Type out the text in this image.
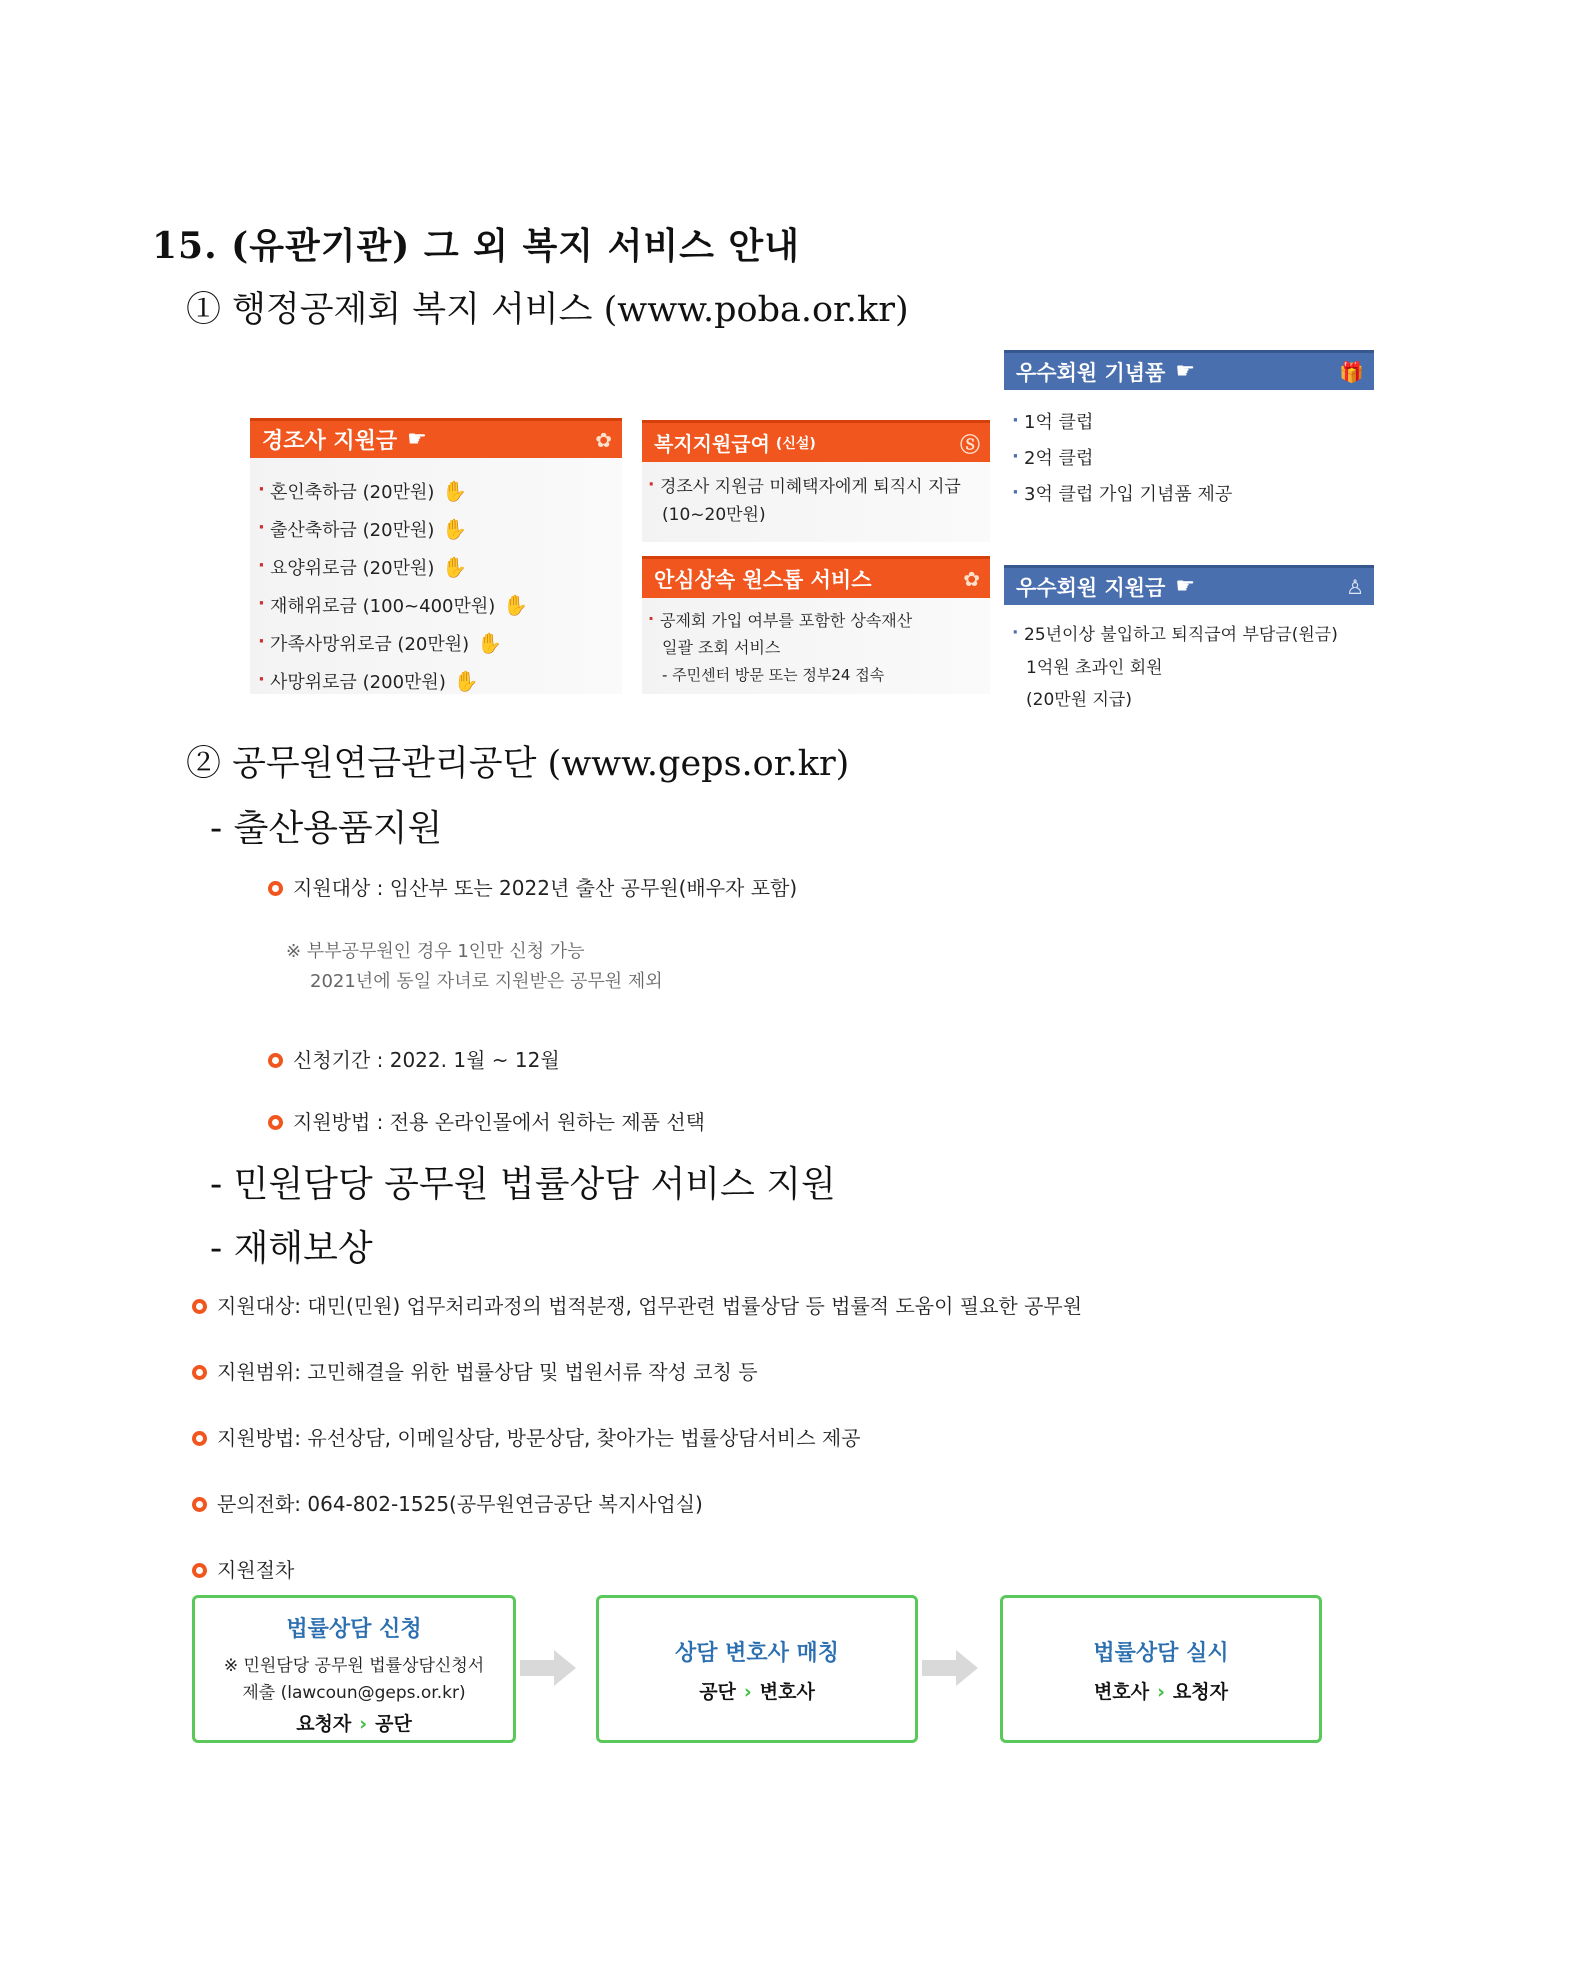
15. (유관기관) 그 외 복지 서비스 안내
① 행정공제회 복지 서비스 (www.poba.or.kr)
경조사 지원금 ☛	✿
· 혼인축하금 (20만원) ✋
· 출산축하금 (20만원) ✋
· 요양위로금 (20만원) ✋
· 재해위로금 (100~400만원) ✋
· 가족사망위로금 (20만원) ✋
· 사망위로금 (200만원) ✋
복지지원급여 (신설)	Ⓢ
· 경조사 지원금 미혜택자에게 퇴직시 지급
(10~20만원)
안심상속 원스톱 서비스	✿
· 공제회 가입 여부를 포함한 상속재산
일괄 조회 서비스
- 주민센터 방문 또는 정부24 접속
우수회원 기념품 ☛	🎁
· 1억 클럽
· 2억 클럽
· 3억 클럽 가입 기념품 제공
우수회원 지원금 ☛	♙
· 25년이상 불입하고 퇴직급여 부담금(원금)
1억원 초과인 회원
(20만원 지급)
② 공무원연금관리공단 (www.geps.or.kr)
- 출산용품지원
지원대상 : 임산부 또는 2022년 출산 공무원(배우자 포함)
※ 부부공무원인 경우 1인만 신청 가능
2021년에 동일 자녀로 지원받은 공무원 제외
신청기간 : 2022. 1월 ~ 12월
지원방법 : 전용 온라인몰에서 원하는 제품 선택
- 민원담당 공무원 법률상담 서비스 지원
- 재해보상
지원대상: 대민(민원) 업무처리과정의 법적분쟁, 업무관련 법률상담 등 법률적 도움이 필요한 공무원
지원범위: 고민해결을 위한 법률상담 및 법원서류 작성 코칭 등
지원방법: 유선상담, 이메일상담, 방문상담, 찾아가는 법률상담서비스 제공
문의전화: 064-802-1525(공무원연금공단 복지사업실)
지원절차
법률상담 신청
※ 민원담당 공무원 법률상담신청서
제출 (lawcoun@geps.or.kr)
요청자 › 공단
상담 변호사 매칭
공단 › 변호사
법률상담 실시
변호사 › 요청자
